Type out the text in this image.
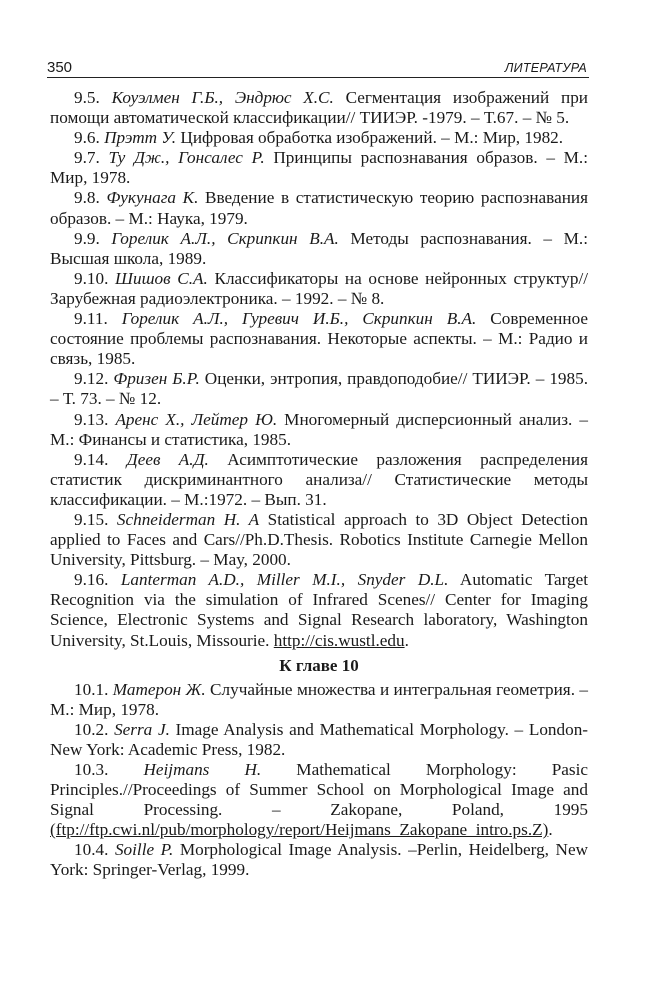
350	ЛИТЕРАТУРА

9.5. Коуэлмен Г.Б., Эндрюс Х.С. Сегментация изображений при помощи автоматической классификации// ТИИЭР. -1979. – Т.67. – № 5.

9.6. Прэтт У. Цифровая обработка изображений. – М.: Мир, 1982.

9.7. Ту Дж., Гонсалес Р. Принципы распознавания образов. – М.: Мир, 1978.

9.8. Фукунага К. Введение в статистическую теорию распознавания образов. – М.: Наука, 1979.

9.9. Горелик А.Л., Скрипкин В.А. Методы распознавания. – М.: Высшая школа, 1989.

9.10. Шишов С.А. Классификаторы на основе нейронных структур// Зарубежная радиоэлектроника. – 1992. – № 8.

9.11. Горелик А.Л., Гуревич И.Б., Скрипкин В.А. Современное состояние проблемы распознавания. Некоторые аспекты. – М.: Радио и связь, 1985.

9.12. Фризен Б.Р. Оценки, энтропия, правдоподобие// ТИИЭР. – 1985. – Т. 73. – № 12.

9.13. Аренс Х., Лейтер Ю. Многомерный дисперсионный анализ. – М.: Финансы и статистика, 1985.

9.14. Деев А.Д. Асимптотические разложения распределения статистик дискриминантного анализа// Статистические методы классификации. – М.:1972. – Вып. 31.

9.15. Schneiderman H. A Statistical approach to 3D Object Detection applied to Faces and Cars//Ph.D.Thesis. Robotics Institute Carnegie Mellon University, Pittsburg. – May, 2000.

9.16. Lanterman A.D., Miller M.I., Snyder D.L. Automatic Target Recognition via the simulation of Infrared Scenes// Center for Imaging Science, Electronic Systems and Signal Research laboratory, Washington University, St.Louis, Missourie. http://cis.wustl.edu.

К главе 10

10.1. Матерон Ж. Случайные множества и интегральная геометрия. – М.: Мир, 1978.

10.2. Serra J. Image Analysis and Mathematical Morphology. – London-New York: Academic Press, 1982.

10.3. Heijmans H. Mathematical Morphology: Pasic Principles.//Proceedings of Summer School on Morphological Image and Signal Processing. – Zakopane, Poland, 1995 (ftp://ftp.cwi.nl/pub/morphology/report/Heijmans_Zakopane_intro.ps.Z).

10.4. Soille P. Morphological Image Analysis. –Perlin, Heidelberg, New York: Springer-Verlag, 1999.
